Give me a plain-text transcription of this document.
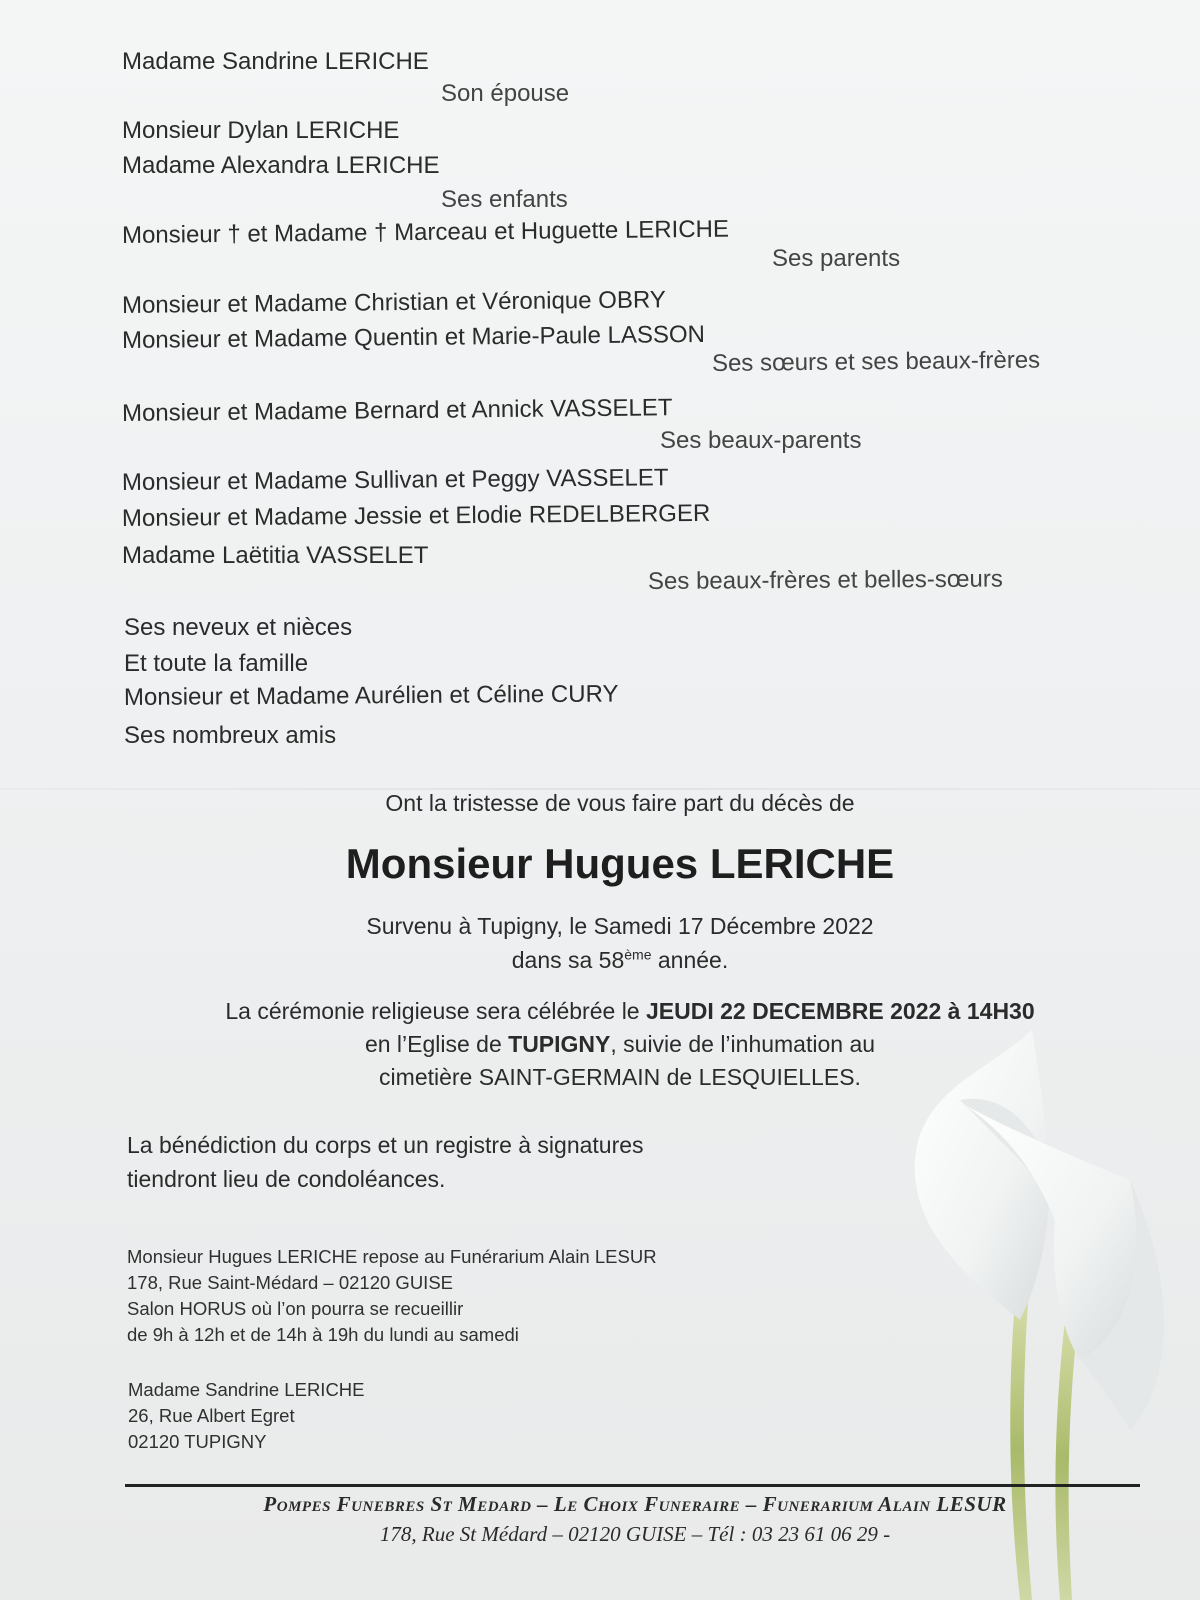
Madame Sandrine LERICHE
Son épouse
Monsieur Dylan LERICHE
Madame Alexandra LERICHE
Ses enfants
Monsieur † et Madame † Marceau et Huguette LERICHE
Ses parents
Monsieur et Madame Christian et Véronique OBRY
Monsieur et Madame Quentin et Marie-Paule LASSON
Ses sœurs et ses beaux-frères
Monsieur et Madame Bernard et Annick VASSELET
Ses beaux-parents
Monsieur et Madame Sullivan et Peggy VASSELET
Monsieur et Madame Jessie et Elodie REDELBERGER
Madame Laëtitia VASSELET
Ses beaux-frères et belles-sœurs
Ses neveux et nièces
Et toute la famille
Monsieur et Madame Aurélien et Céline CURY
Ses nombreux amis
Ont la tristesse de vous faire part du décès de
Monsieur Hugues LERICHE
Survenu à Tupigny, le Samedi 17 Décembre 2022
dans sa 58ème année.
La cérémonie religieuse sera célébrée le JEUDI 22 DECEMBRE 2022 à 14H30
en l’Eglise de TUPIGNY, suivie de l’inhumation au
cimetière SAINT-GERMAIN de LESQUIELLES.
La bénédiction du corps et un registre à signatures
tiendront lieu de condoléances.
Monsieur Hugues LERICHE repose au Funérarium Alain LESUR
178, Rue Saint-Médard – 02120 GUISE
Salon HORUS où l’on pourra se recueillir
de 9h à 12h et de 14h à 19h du lundi au samedi
Madame Sandrine LERICHE
26, Rue Albert Egret
02120 TUPIGNY
Pompes Funebres St Medard – Le Choix Funeraire – Funerarium Alain LESUR
178, Rue St Médard – 02120 GUISE – Tél : 03 23 61 06 29 -
